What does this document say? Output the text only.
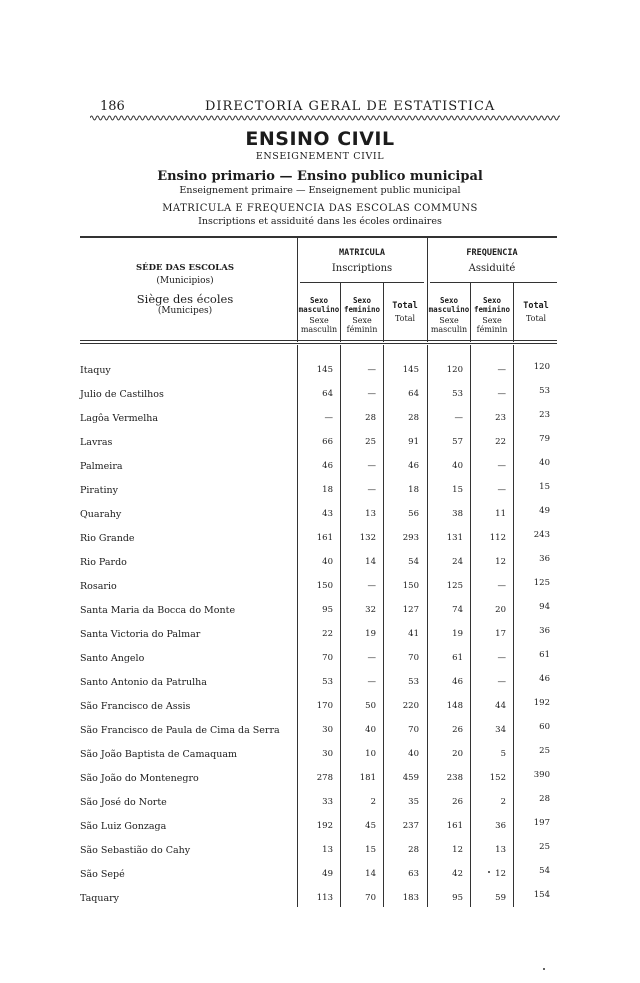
186	DIRECTORIA GERAL DE ESTATISTICA
ENSINO CIVIL
ENSEIGNEMENT CIVIL
Ensino primario — Ensino publico municipal
Enseignement primaire — Enseignement public municipal
MATRICULA E FREQUENCIA DAS ESCOLAS COMMUNS
Inscriptions et assiduité dans les écoles ordinaires
SÉDE DAS ESCOLAS
(Municipios)
Siège des écoles
(Municipes)
MATRICULA
Inscriptions
FREQUENCIA
Assiduité
Sexo
masculino
Sexe
masculin
Sexo
feminino
Sexe
féminin
Total
Total
Sexo
masculino
Sexe
masculin
Sexo
feminino
Sexe
féminin
Total
Total
Itaquy	145	—	145	120	—	120
Julio de Castilhos	64	—	64	53	—	53
Lagôa Vermelha	—	28	28	—	23	23
Lavras	66	25	91	57	22	79
Palmeira	46	—	46	40	—	40
Piratiny	18	—	18	15	—	15
Quarahy	43	13	56	38	11	49
Rio Grande	161	132	293	131	112	243
Rio Pardo	40	14	54	24	12	36
Rosario	150	—	150	125	—	125
Santa Maria da Bocca do Monte	95	32	127	74	20	94
Santa Victoria do Palmar	22	19	41	19	17	36
Santo Angelo	70	—	70	61	—	61
Santo Antonio da Patrulha	53	—	53	46	—	46
São Francisco de Assis	170	50	220	148	44	192
São Francisco de Paula de Cima da Serra	30	40	70	26	34	60
São João Baptista de Camaquam	30	10	40	20	5	25
São João do Montenegro	278	181	459	238	152	390
São José do Norte	33	2	35	26	2	28
São Luiz Gonzaga	192	45	237	161	36	197
São Sebastião do Cahy	13	15	28	12	13	25
São Sepé	49	14	63	42	12	54
Taquary	113	70	183	95	59	154
